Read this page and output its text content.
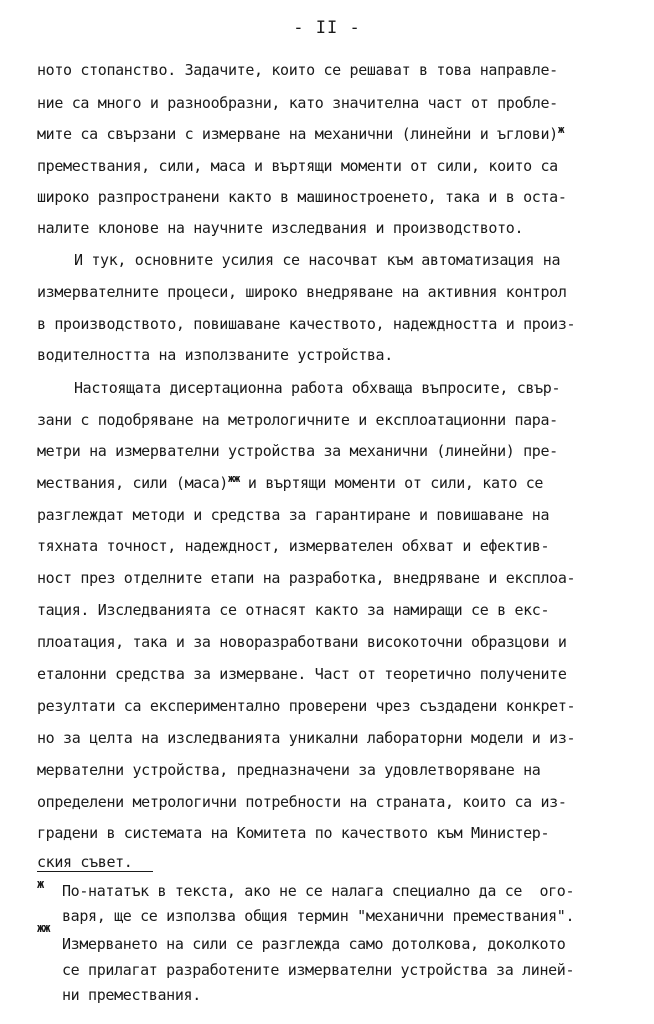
- II -
ното стопанство. Задачите, които се решават в това направле-
ние са много и разнообразни, като значителна част от пробле-
мите са свързани с измерване на механични (линейни и ъглови)$^ж$
премествания, сили, маса и въртящи моменти от сили, които са
широко разпространени както в машиностроенето, така и в оста-
налите клонове на научните изследвания и производството.
И тук, основните усилия се насочват към автоматизация на
измервателните процеси, широко внедряване на активния контрол
в производството, повишаване качеството, надеждността и произ-
водителността на използваните устройства.
Настоящата дисертационна работа обхваща въпросите, свър-
зани с подобряване на метрологичните и експлоатационни пара-
метри на измервателни устройства за механични (линейни) пре-
мествания, сили (маса)$^{жж}$ и въртящи моменти от сили, като се
разглеждат методи и средства за гарантиране и повишаване на
тяхната точност, надеждност, измервателен обхват и ефектив-
ност през отделните етапи на разработка, внедряване и експлоа-
тация. Изследванията се отнасят както за намиращи се в екс-
плоатация, така и за новоразработвани високоточни образцови и
еталонни средства за измерване. Част от теоретично получените
резултати са експериментално проверени чрез създадени конкрет-
но за целта на изследванията уникални лабораторни модели и из-
мервателни устройства, предназначени за удовлетворяване на
определени метрологични потребности на страната, които са из-
градени в системата на Комитета по качеството към Министер-
ския съвет.
ж По-нататък в текста, ако не се налага специално да се  ого-
варя, ще се използва общия термин "механични премествания".
жж
Измерването на сили се разглежда само дотолкова, доколкото
се прилагат разработените измервателни устройства за линей-
ни премествания.
